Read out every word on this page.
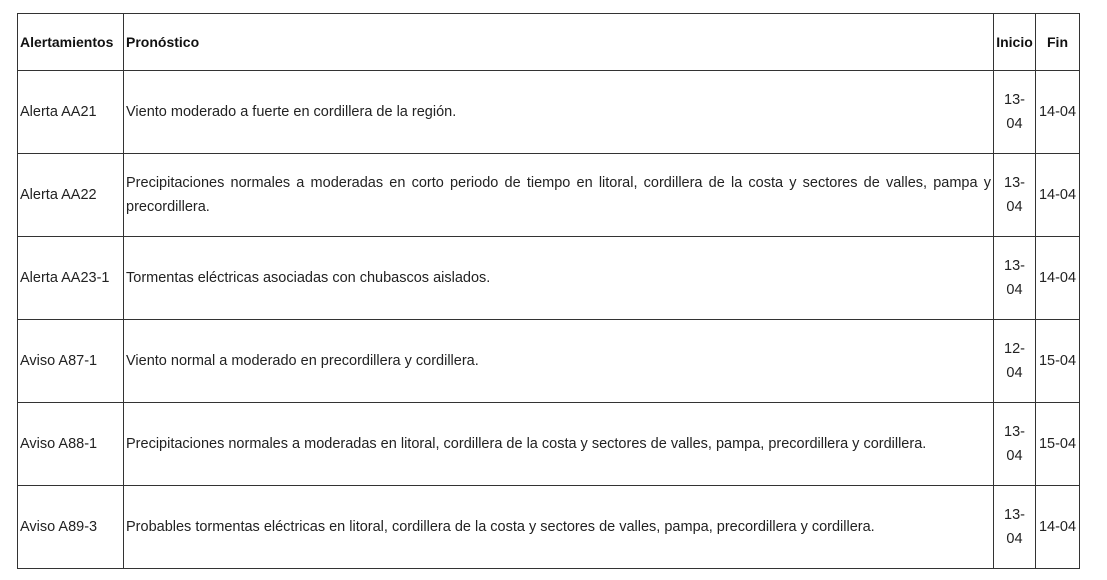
Alertamientos	Pronóstico	Inicio	Fin
Alerta AA21	Viento moderado a fuerte en cordillera de la región.	13-04	14-04
Alerta AA22	Precipitaciones normales a moderadas en corto periodo de tiempo en litoral, cordillera de la costa y sectores de valles, pampa y precordillera.	13-04	14-04
Alerta AA23-1	Tormentas eléctricas asociadas con chubascos aislados.	13-04	14-04
Aviso A87-1	Viento normal a moderado en precordillera y cordillera.	12-04	15-04
Aviso A88-1	Precipitaciones normales a moderadas en litoral, cordillera de la costa y sectores de valles, pampa, precordillera y cordillera.	13-04	15-04
Aviso A89-3	Probables tormentas eléctricas en litoral, cordillera de la costa y sectores de valles, pampa, precordillera y cordillera.	13-04	14-04
